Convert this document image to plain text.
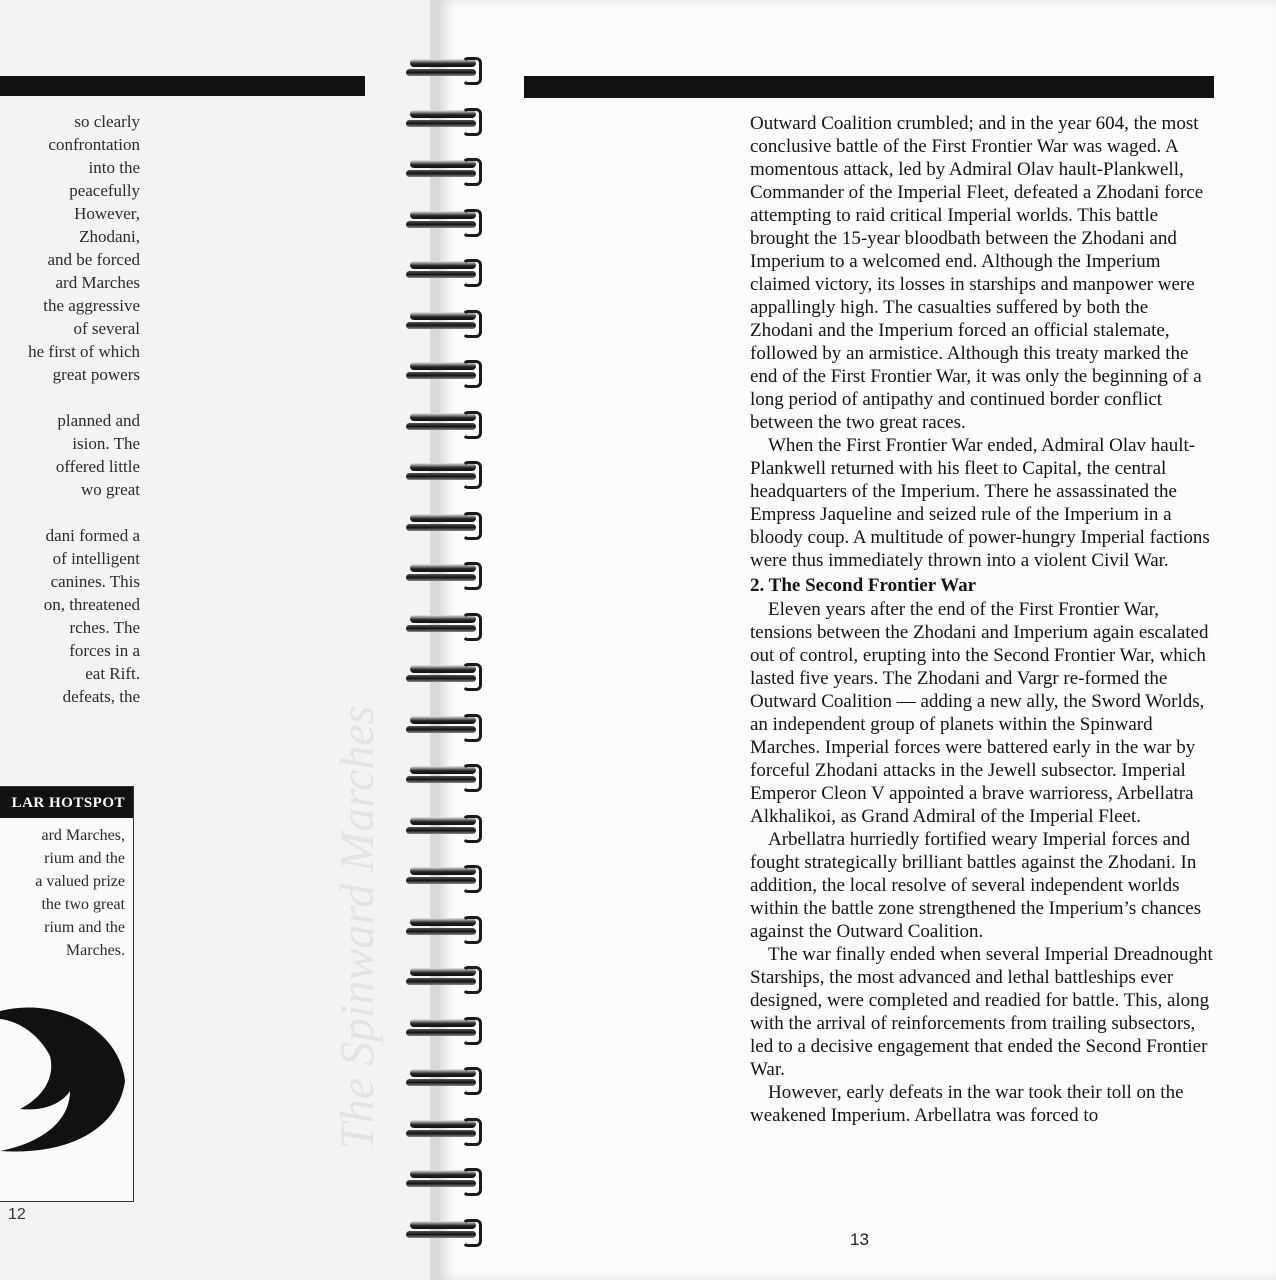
so clearly
confrontation
into the
peacefully
However,
Zhodani,
and be forced
ard Marches
the aggressive
of several
he first of which
great powers

planned and
ision. The
offered little
wo great

dani formed a
of intelligent
canines. This
on, threatened
rches. The
forces in a
eat Rift.
defeats, the
The Spinward Marches
LAR HOTSPOT
ard Marches,
rium and the
a valued prize
the two great
rium and the
Marches.
12

Outward Coalition crumbled; and in the year 604, the most conclusive battle of the First Frontier War was waged. A momentous attack, led by Admiral Olav hault-Plankwell, Commander of the Imperial Fleet, defeated a Zhodani force attempting to raid critical Imperial worlds. This battle brought the 15-year bloodbath between the Zhodani and Imperium to a welcomed end. Although the Imperium claimed victory, its losses in starships and manpower were appallingly high. The casualties suffered by both the Zhodani and the Imperium forced an official stalemate, followed by an armistice. Although this treaty marked the end of the First Frontier War, it was only the beginning of a long period of antipathy and continued border conflict between the two great races.

When the First Frontier War ended, Admiral Olav hault-Plankwell returned with his fleet to Capital, the central headquarters of the Imperium. There he assassinated the Empress Jaqueline and seized rule of the Imperium in a bloody coup. A multitude of power-hungry Imperial factions were thus immediately thrown into a violent Civil War.

2. The Second Frontier War

Eleven years after the end of the First Frontier War, tensions between the Zhodani and Imperium again escalated out of control, erupting into the Second Frontier War, which lasted five years. The Zhodani and Vargr re-formed the Outward Coalition — adding a new ally, the Sword Worlds, an independent group of planets within the Spinward Marches. Imperial forces were battered early in the war by forceful Zhodani attacks in the Jewell subsector. Imperial Emperor Cleon V appointed a brave warrioress, Arbellatra Alkhalikoi, as Grand Admiral of the Imperial Fleet.

Arbellatra hurriedly fortified weary Imperial forces and fought strategically brilliant battles against the Zhodani. In addition, the local resolve of several independent worlds within the battle zone strengthened the Imperium’s chances against the Outward Coalition.

The war finally ended when several Imperial Dreadnought Starships, the most advanced and lethal battleships ever designed, were completed and readied for battle. This, along with the arrival of reinforcements from trailing subsectors, led to a decisive engagement that ended the Second Frontier War.

However, early defeats in the war took their toll on the weakened Imperium. Arbellatra was forced to

13
